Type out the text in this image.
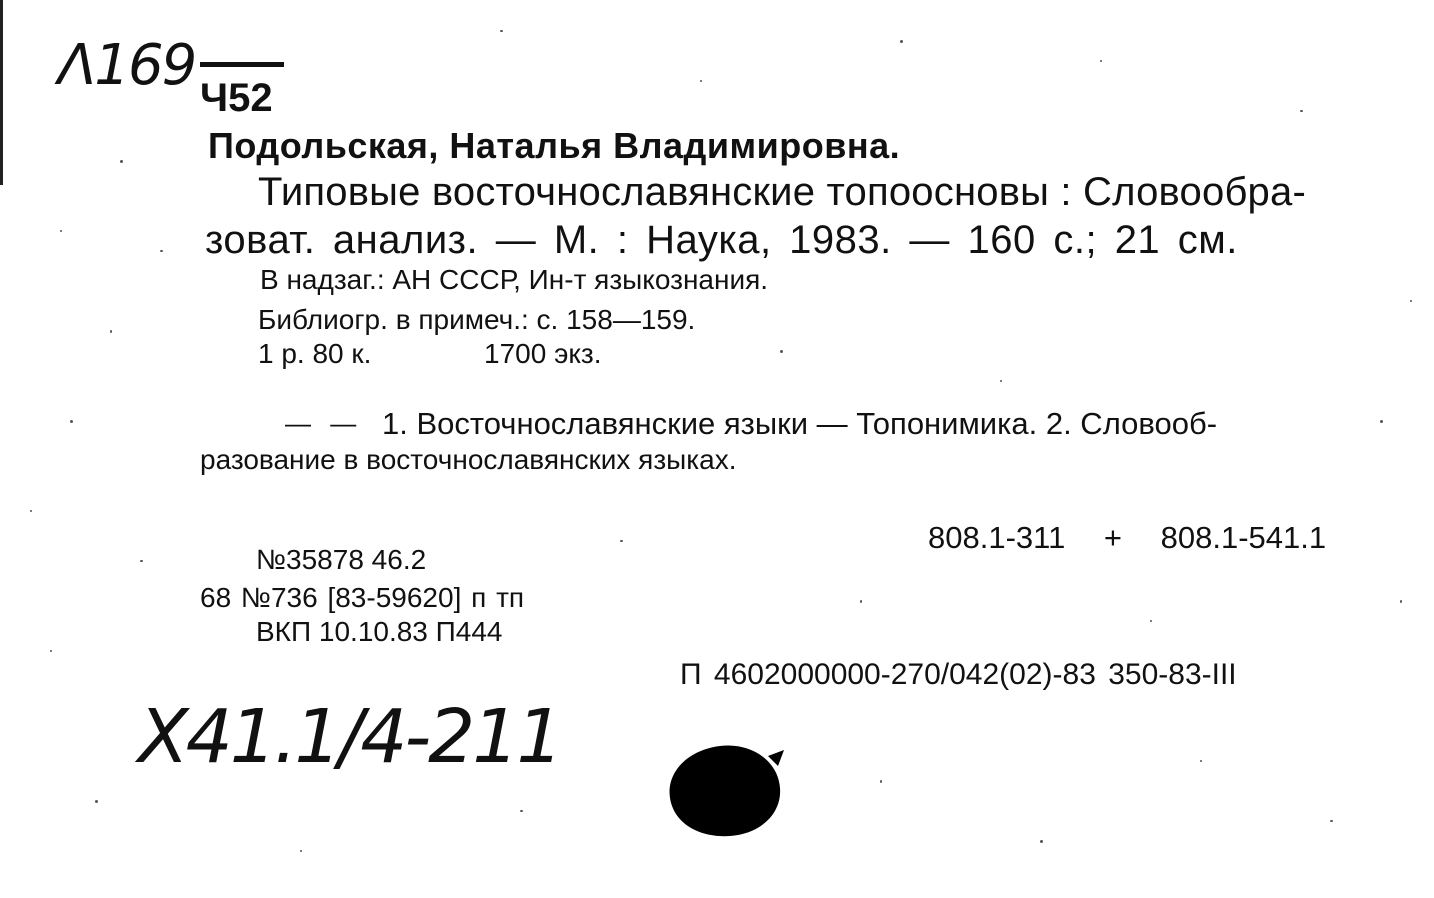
Λ169 Ч52
Подольская, Наталья Владимировна.
Типовые восточнославянские топоосновы : Словообра-
зоват. анализ. — М. : Наука, 1983. — 160 с.; 21 см.
В надзаг.: АН СССР, Ин-т языкознания.
Библиогр. в примеч.: с. 158—159.
1 р. 80 к.	1700 экз.
— — 1. Восточнославянские языки — Топонимика. 2. Словооб-
разование в восточнославянских языках.
808.1-311 + 808.1-541.1
№35878 46.2
68 №736 [83-59620] п тп
ВКП 10.10.83 П444
П 4602000000-270/042(02)-83 350-83-III
Х41.1/4-211
